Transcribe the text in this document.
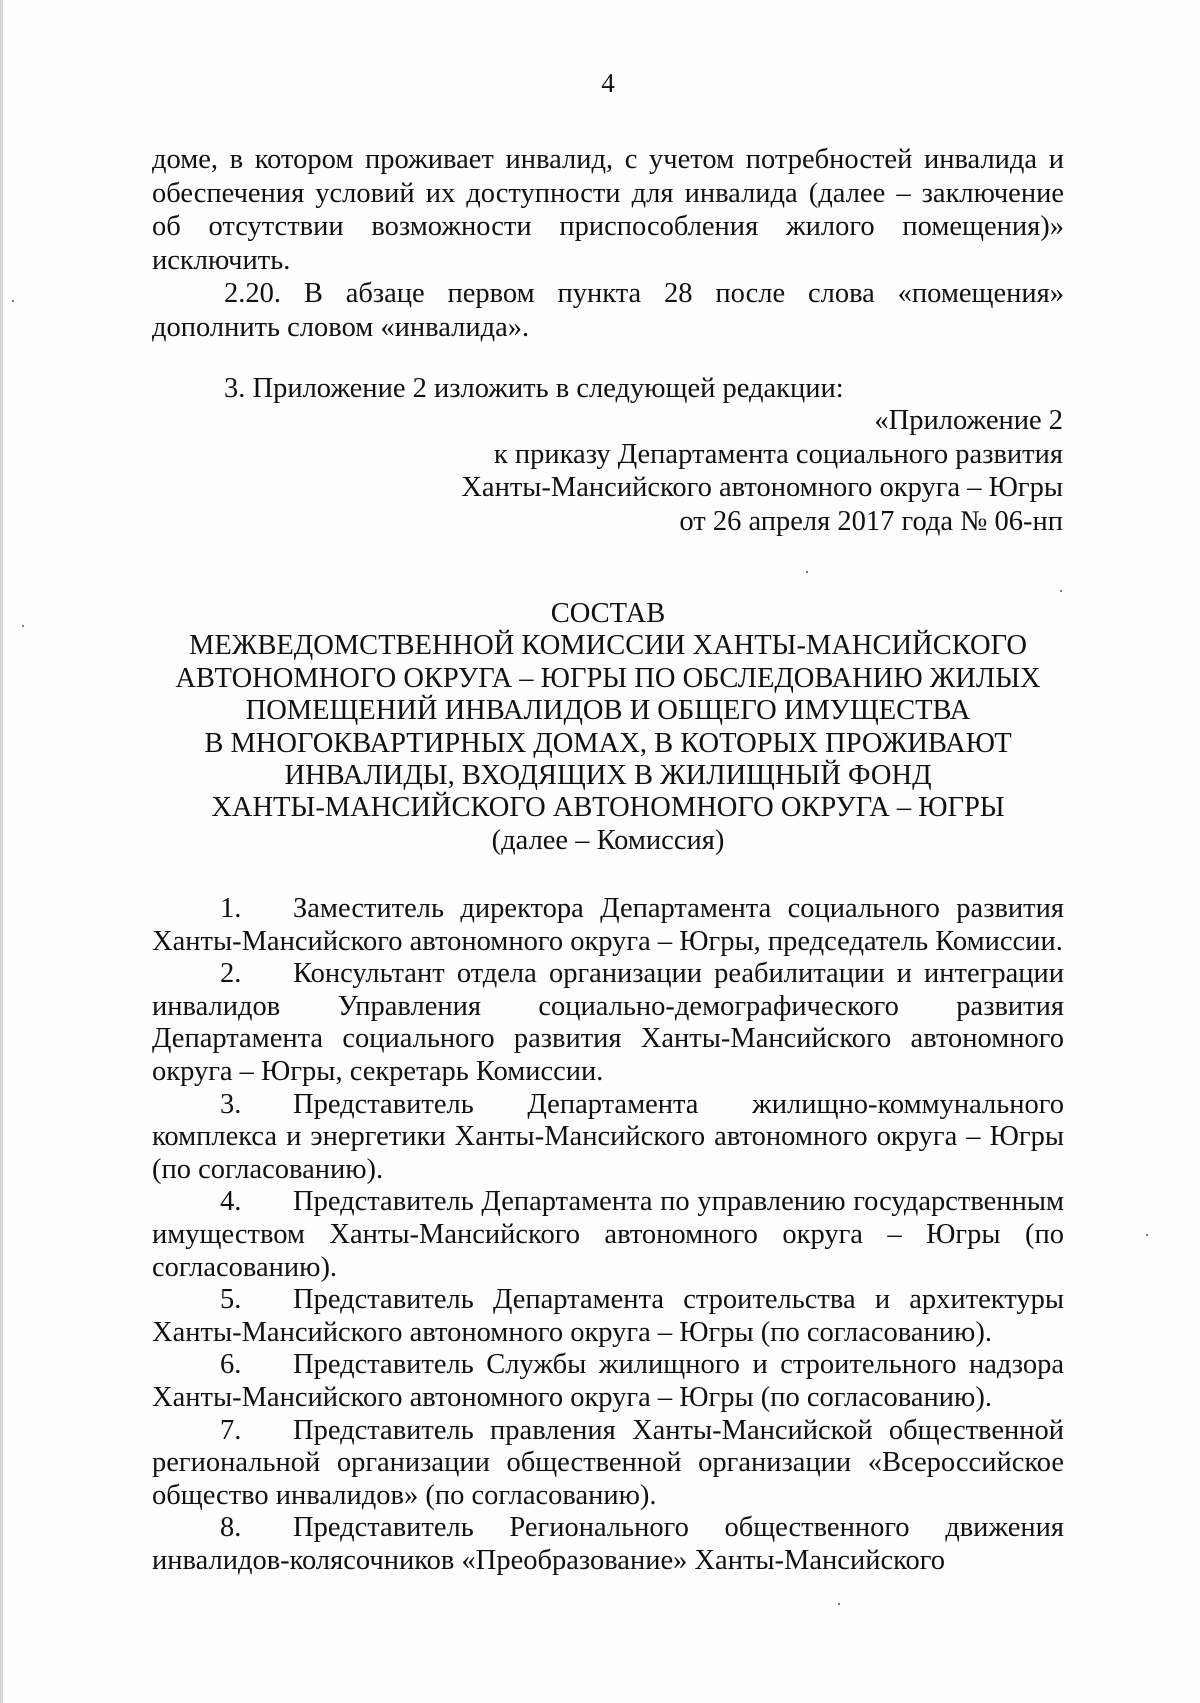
4

доме, в котором проживает инвалид, с учетом потребностей инвалида и обеспечения условий их доступности для инвалида (далее – заключение об отсутствии возможности приспособления жилого помещения)» исключить.

2.20. В абзаце первом пункта 28 после слова «помещения» дополнить словом «инвалида».

3. Приложение 2 изложить в следующей редакции:

«Приложение 2
к приказу Департамента социального развития
Ханты-Мансийского автономного округа – Югры
от 26 апреля 2017 года № 06-нп
СОСТАВ
МЕЖВЕДОМСТВЕННОЙ КОМИССИИ ХАНТЫ-МАНСИЙСКОГО
АВТОНОМНОГО ОКРУГА – ЮГРЫ ПО ОБСЛЕДОВАНИЮ ЖИЛЫХ
ПОМЕЩЕНИЙ ИНВАЛИДОВ И ОБЩЕГО ИМУЩЕСТВА
В МНОГОКВАРТИРНЫХ ДОМАХ, В КОТОРЫХ ПРОЖИВАЮТ
ИНВАЛИДЫ, ВХОДЯЩИХ В ЖИЛИЩНЫЙ ФОНД
ХАНТЫ-МАНСИЙСКОГО АВТОНОМНОГО ОКРУГА – ЮГРЫ
(далее – Комиссия)

1. Заместитель директора Департамента социального развития Ханты-Мансийского автономного округа – Югры, председатель Комиссии.

2. Консультант отдела организации реабилитации и интеграции инвалидов Управления социально-демографического развития Департамента социального развития Ханты-Мансийского автономного округа – Югры, секретарь Комиссии.

3. Представитель Департамента жилищно-коммунального комплекса и энергетики Ханты-Мансийского автономного округа – Югры (по согласованию).

4. Представитель Департамента по управлению государственным имуществом Ханты-Мансийского автономного округа – Югры (по согласованию).

5. Представитель Департамента строительства и архитектуры Ханты-Мансийского автономного округа – Югры (по согласованию).

6. Представитель Службы жилищного и строительного надзора Ханты-Мансийского автономного округа – Югры (по согласованию).

7. Представитель правления Ханты-Мансийской общественной региональной организации общественной организации «Всероссийское общество инвалидов» (по согласованию).

8. Представитель Регионального общественного движения инвалидов-колясочников «Преобразование» Ханты-Мансийского
